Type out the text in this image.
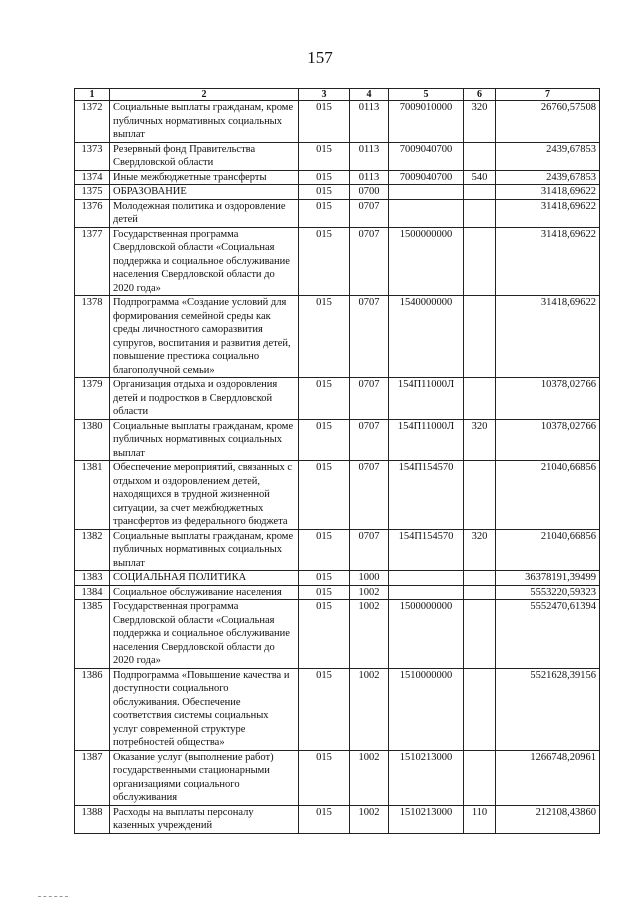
157
1	2	3	4	5	6	7
1372	Социальные выплаты гражданам, кроме публичных нормативных социальных выплат	015	0113	7009010000	320	26760,57508
1373	Резервный фонд Правительства Свердловской области	015	0113	7009040700		2439,67853
1374	Иные межбюджетные трансферты	015	0113	7009040700	540	2439,67853
1375	ОБРАЗОВАНИЕ	015	0700			31418,69622
1376	Молодежная политика и оздоровление детей	015	0707			31418,69622
1377	Государственная программа Свердловской области «Социальная поддержка и социальное обслуживание населения Свердловской области до 2020 года»	015	0707	1500000000		31418,69622
1378	Подпрограмма «Создание условий для формирования семейной среды как среды личностного саморазвития супругов, воспитания и развития детей, повышение престижа социально благополучной семьи»	015	0707	1540000000		31418,69622
1379	Организация отдыха и оздоровления детей и подростков в Свердловской области	015	0707	154П11000Л		10378,02766
1380	Социальные выплаты гражданам, кроме публичных нормативных социальных выплат	015	0707	154П11000Л	320	10378,02766
1381	Обеспечение мероприятий, связанных с отдыхом и оздоровлением детей, находящихся в трудной жизненной ситуации, за счет межбюджетных трансфертов из федерального бюджета	015	0707	154П154570		21040,66856
1382	Социальные выплаты гражданам, кроме публичных нормативных социальных выплат	015	0707	154П154570	320	21040,66856
1383	СОЦИАЛЬНАЯ ПОЛИТИКА	015	1000			36378191,39499
1384	Социальное обслуживание населения	015	1002			5553220,59323
1385	Государственная программа Свердловской области «Социальная поддержка и социальное обслуживание населения Свердловской области до 2020 года»	015	1002	1500000000		5552470,61394
1386	Подпрограмма «Повышение качества и доступности социального обслуживания. Обеспечение соответствия системы социальных услуг современной структуре потребностей общества»	015	1002	1510000000		5521628,39156
1387	Оказание услуг (выполнение работ) государственными стационарными организациями социального обслуживания	015	1002	1510213000		1266748,20961
1388	Расходы на выплаты персоналу казенных учреждений	015	1002	1510213000	110	212108,43860
